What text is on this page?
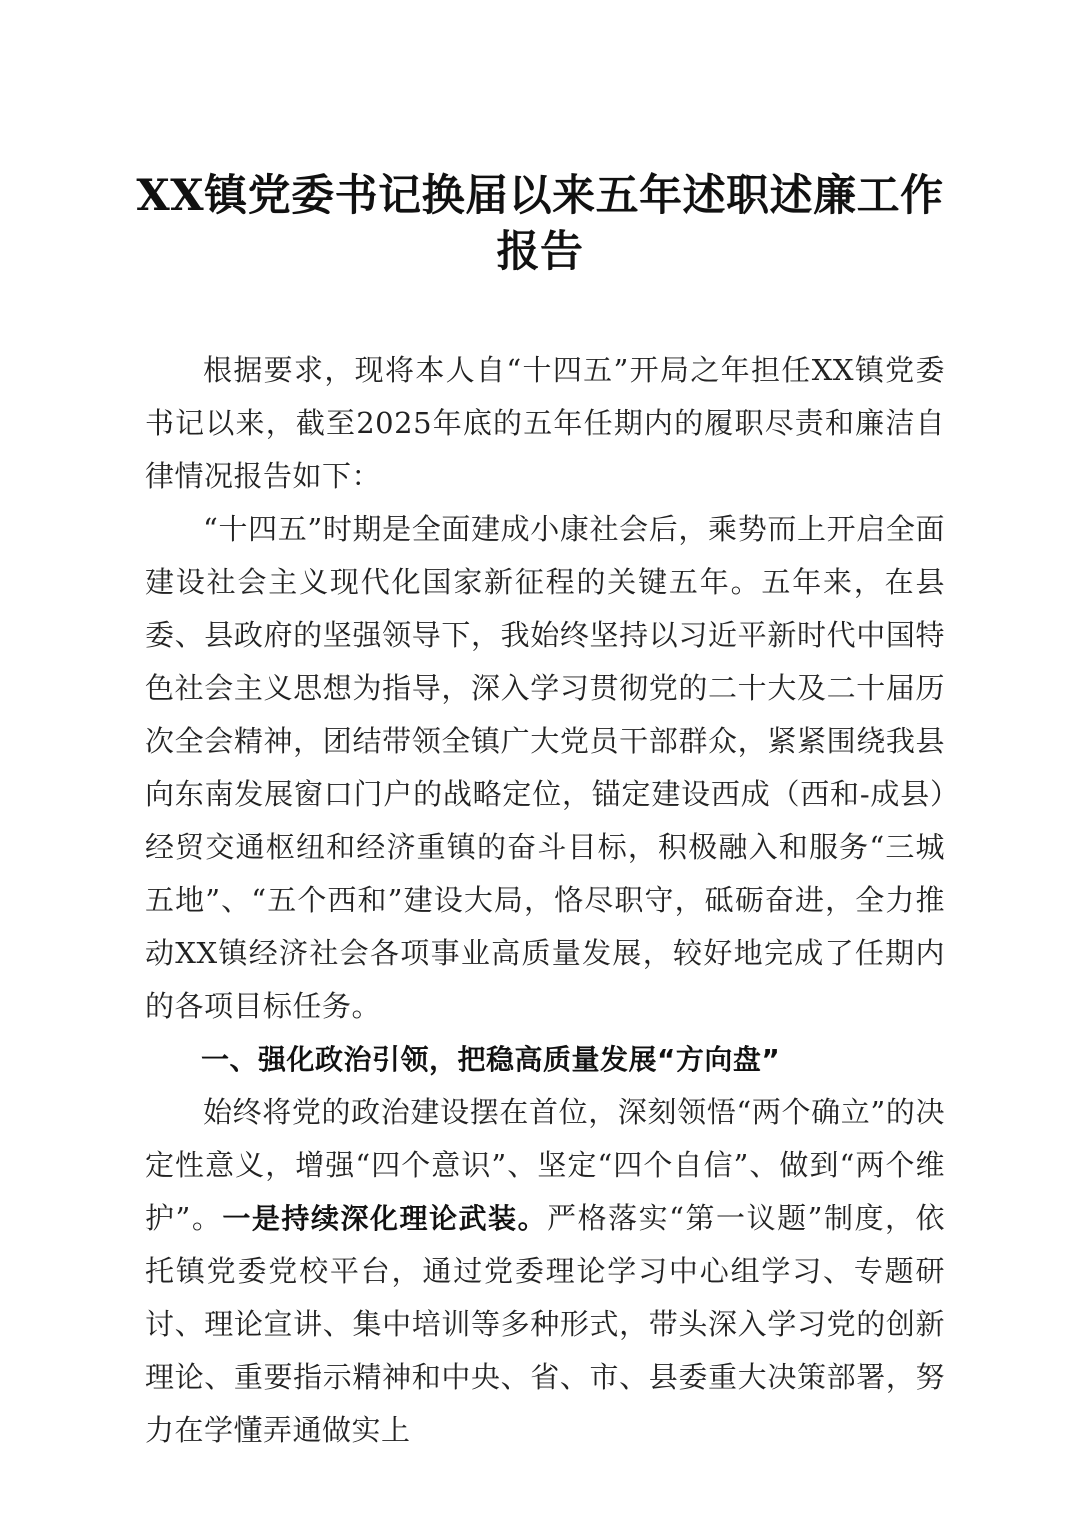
XX镇党委书记换届以来五年述职述廉工作报告

根据要求，现将本人自“十四五”开局之年担任XX镇党委书记以来，截至2025年底的五年任期内的履职尽责和廉洁自律情况报告如下：

“十四五”时期是全面建成小康社会后，乘势而上开启全面建设社会主义现代化国家新征程的关键五年。五年来，在县委、县政府的坚强领导下，我始终坚持以习近平新时代中国特色社会主义思想为指导，深入学习贯彻党的二十大及二十届历次全会精神，团结带领全镇广大党员干部群众，紧紧围绕我县向东南发展窗口门户的战略定位，锚定建设西成（西和-成县）经贸交通枢纽和经济重镇的奋斗目标，积极融入和服务“三城五地”、“五个西和”建设大局，恪尽职守，砥砺奋进，全力推动XX镇经济社会各项事业高质量发展，较好地完成了任期内的各项目标任务。

一、强化政治引领，把稳高质量发展“方向盘”

始终将党的政治建设摆在首位，深刻领悟“两个确立”的决定性意义，增强“四个意识”、坚定“四个自信”、做到“两个维护”。一是持续深化理论武装。严格落实“第一议题”制度，依托镇党委党校平台，通过党委理论学习中心组学习、专题研讨、理论宣讲、集中培训等多种形式，带头深入学习党的创新理论、重要指示精神和中央、省、市、县委重大决策部署，努力在学懂弄通做实上
